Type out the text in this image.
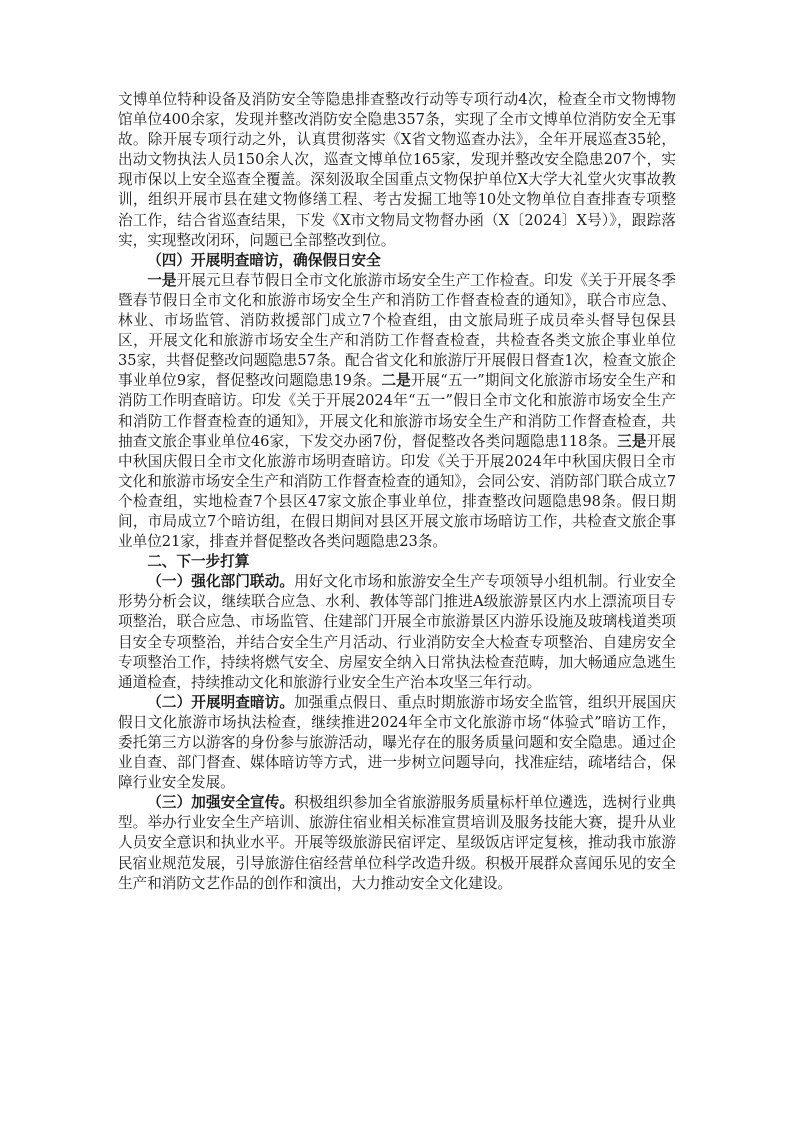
文博单位特种设备及消防安全等隐患排查整改行动等专项行动4次，检查全市文物博物馆单位400余家，发现并整改消防安全隐患357条，实现了全市文博单位消防安全无事故。除开展专项行动之外，认真贯彻落实《X省文物巡查办法》，全年开展巡查35轮，出动文物执法人员150余人次，巡查文博单位165家，发现并整改安全隐患207个，实现市保以上安全巡查全覆盖。深刻汲取全国重点文物保护单位X大学大礼堂火灾事故教训，组织开展市县在建文物修缮工程、考古发掘工地等10处文物单位自查排查专项整治工作，结合省巡查结果，下发《X市文物局文物督办函（X〔2024〕X号）》，跟踪落实，实现整改闭环，问题已全部整改到位。

（四）开展明查暗访，确保假日安全

一是开展元旦春节假日全市文化旅游市场安全生产工作检查。印发《关于开展冬季暨春节假日全市文化和旅游市场安全生产和消防工作督查检查的通知》，联合市应急、林业、市场监管、消防救援部门成立7个检查组，由文旅局班子成员牵头督导包保县区，开展文化和旅游市场安全生产和消防工作督查检查，共检查各类文旅企事业单位35家，共督促整改问题隐患57条。配合省文化和旅游厅开展假日督查1次，检查文旅企事业单位9家，督促整改问题隐患19条。二是开展“五一”期间文化旅游市场安全生产和消防工作明查暗访。印发《关于开展2024年“五一”假日全市文化和旅游市场安全生产和消防工作督查检查的通知》，开展文化和旅游市场安全生产和消防工作督查检查，共抽查文旅企事业单位46家，下发交办函7份，督促整改各类问题隐患118条。三是开展中秋国庆假日全市文化旅游市场明查暗访。印发《关于开展2024年中秋国庆假日全市文化和旅游市场安全生产和消防工作督查检查的通知》，会同公安、消防部门联合成立7个检查组，实地检查7个县区47家文旅企事业单位，排查整改问题隐患98条。假日期间，市局成立7个暗访组，在假日期间对县区开展文旅市场暗访工作，共检查文旅企事业单位21家，排查并督促整改各类问题隐患23条。

二、下一步打算

（一）强化部门联动。用好文化市场和旅游安全生产专项领导小组机制。行业安全形势分析会议，继续联合应急、水利、教体等部门推进A级旅游景区内水上漂流项目专项整治，联合应急、市场监管、住建部门开展全市旅游景区内游乐设施及玻璃栈道类项目安全专项整治，并结合安全生产月活动、行业消防安全大检查专项整治、自建房安全专项整治工作，持续将燃气安全、房屋安全纳入日常执法检查范畴，加大畅通应急逃生通道检查，持续推动文化和旅游行业安全生产治本攻坚三年行动。

（二）开展明查暗访。加强重点假日、重点时期旅游市场安全监管，组织开展国庆假日文化旅游市场执法检查，继续推进2024年全市文化旅游市场“体验式”暗访工作，委托第三方以游客的身份参与旅游活动，曝光存在的服务质量问题和安全隐患。通过企业自查、部门督查、媒体暗访等方式，进一步树立问题导向，找准症结，疏堵结合，保障行业安全发展。

（三）加强安全宣传。积极组织参加全省旅游服务质量标杆单位遴选，选树行业典型。举办行业安全生产培训、旅游住宿业相关标准宣贯培训及服务技能大赛，提升从业人员安全意识和执业水平。开展等级旅游民宿评定、星级饭店评定复核，推动我市旅游民宿业规范发展，引导旅游住宿经营单位科学改造升级。积极开展群众喜闻乐见的安全生产和消防文艺作品的创作和演出，大力推动安全文化建设。
